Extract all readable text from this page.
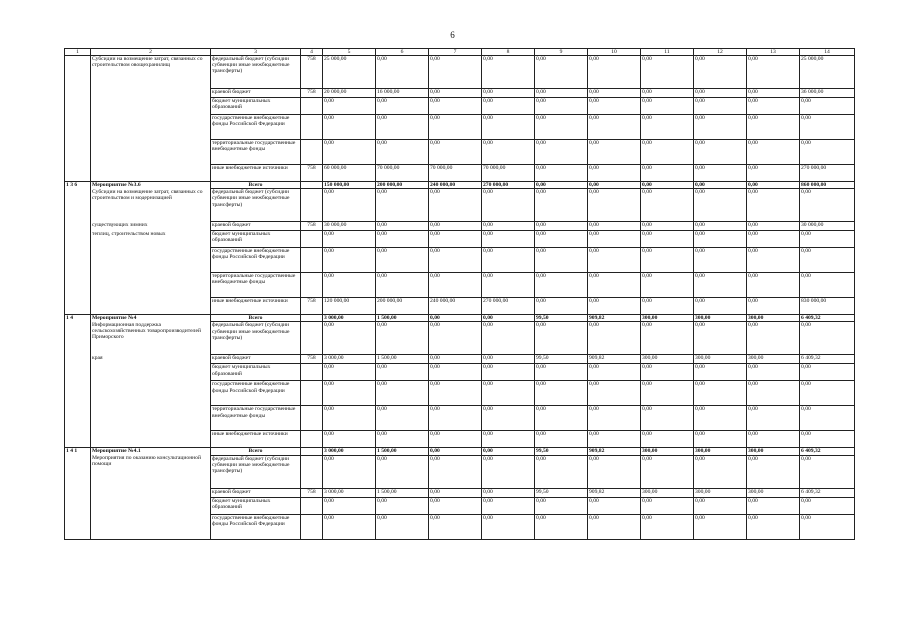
6
1	2	3	4	5	6	7	8	9	10	11	12	13	14
	Субсидии на возмещение затрат, связанных со строительством овощехранилищ	федеральный бюджет (субсидии субвенции иные межбюджетные трансферты)	758	25 000,00	0,00	0,00	0,00	0,00	0,00	0,00	0,00	0,00	25 000,00
		краевой бюджет	758	20 000,00	16 000,00	0,00	0,00	0,00	0,00	0,00	0,00	0,00	36 000,00
		бюджет муниципальных образований		0,00	0,00	0,00	0,00	0,00	0,00	0,00	0,00	0,00	0,00
		государственные внебюджетные фонды Российской Федерации		0,00	0,00	0,00	0,00	0,00	0,00	0,00	0,00	0,00	0,00
		территориальные государственные внебюджетные фонды		0,00	0,00	0,00	0,00	0,00	0,00	0,00	0,00	0,00	0,00
		иные внебюджетные источники	758	60 000,00	70 000,00	70 000,00	70 000,00	0,00	0,00	0,00	0,00	0,00	270 000,00
1 3 6	Мероприятие №3.6	Всего		150 000,00	200 000,00	240 000,00	270 000,00	0,00	0,00	0,00	0,00	0,00	860 000,00
	Субсидии на возмещение затрат, связанных со строительством и модернизацией	федеральный бюджет (субсидии субвенции иные межбюджетные трансферты)		0,00	0,00	0,00	0,00	0,00	0,00	0,00	0,00	0,00	0,00
	существующих зимних	краевой бюджет	758	30 000,00	0,00	0,00	0,00	0,00	0,00	0,00	0,00	0,00	30 000,00
	теплиц, строительством новых	бюджет муниципальных образований		0,00	0,00	0,00	0,00	0,00	0,00	0,00	0,00	0,00	0,00
		государственные внебюджетные фонды Российской Федерации		0,00	0,00	0,00	0,00	0,00	0,00	0,00	0,00	0,00	0,00
		территориальные государственные внебюджетные фонды		0,00	0,00	0,00	0,00	0,00	0,00	0,00	0,00	0,00	0,00
		иные внебюджетные источники	758	120 000,00	200 000,00	240 000,00	270 000,00	0,00	0,00	0,00	0,00	0,00	830 000,00
1 4	Мероприятие №4	Всего		3 000,00	1 500,00	0,00	0,00	99,50	909,82	300,00	300,00	300,00	6 409,32
	Информационная поддержка сельскохозяйственных товаропроизводителей Приморского	федеральный бюджет (субсидии субвенции иные межбюджетные трансферты)		0,00	0,00	0,00	0,00	0,00	0,00	0,00	0,00	0,00	0,00
	края	краевой бюджет	758	3 000,00	1 500,00	0,00	0,00	99,50	909,82	300,00	300,00	300,00	6 409,32
		бюджет муниципальных образований		0,00	0,00	0,00	0,00	0,00	0,00	0,00	0,00	0,00	0,00
		государственные внебюджетные фонды Российской Федерации		0,00	0,00	0,00	0,00	0,00	0,00	0,00	0,00	0,00	0,00
		территориальные государственные внебюджетные фонды		0,00	0,00	0,00	0,00	0,00	0,00	0,00	0,00	0,00	0,00
		иные внебюджетные источники		0,00	0,00	0,00	0,00	0,00	0,00	0,00	0,00	0,00	0,00
1 4 1	Мероприятие №4.1	Всего		3 000,00	1 500,00	0,00	0,00	99,50	909,82	300,00	300,00	300,00	6 409,32
	Мероприятия по оказанию консультационной помощи	федеральный бюджет (субсидии субвенции иные межбюджетные трансферты)		0,00	0,00	0,00	0,00	0,00	0,00	0,00	0,00	0,00	0,00
		краевой бюджет	758	3 000,00	1 500,00	0,00	0,00	99,50	909,82	300,00	300,00	300,00	6 409,32
		бюджет муниципальных образований		0,00	0,00	0,00	0,00	0,00	0,00	0,00	0,00	0,00	0,00
		государственные внебюджетные фонды Российской Федерации		0,00	0,00	0,00	0,00	0,00	0,00	0,00	0,00	0,00	0,00
